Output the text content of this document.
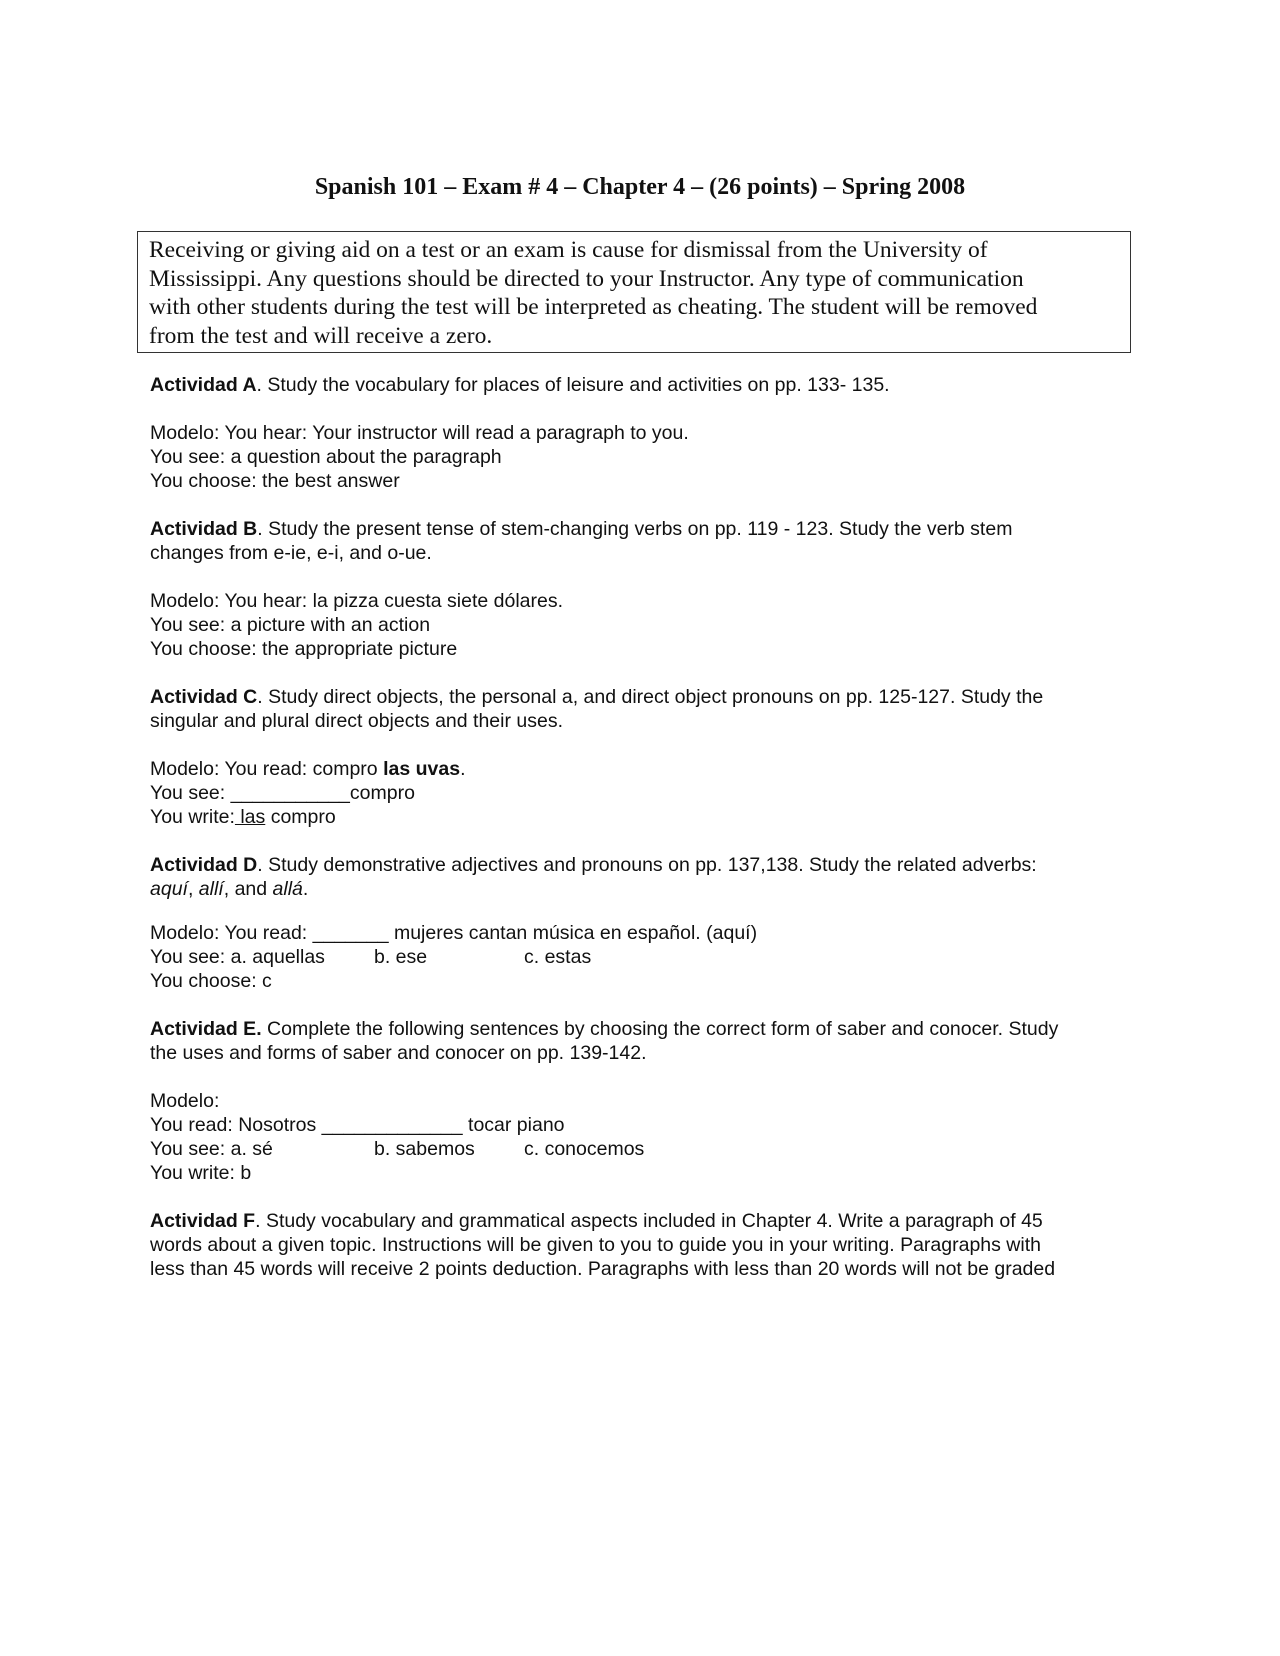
Spanish 101 – Exam # 4 – Chapter 4 – (26 points) – Spring 2008
Receiving or giving aid on a test or an exam is cause for dismissal from the University of
Mississippi. Any questions should be directed to your Instructor. Any type of communication
with other students during the test will be interpreted as cheating. The student will be removed
from the test and will receive a zero.
Actividad A. Study the vocabulary for places of leisure and activities on pp. 133- 135.
Modelo: You hear: Your instructor will read a paragraph to you.
You see: a question about the paragraph
You choose: the best answer
Actividad B. Study the present tense of stem-changing verbs on pp. 119 - 123. Study the verb stem
changes from e-ie, e-i, and o-ue.
Modelo: You hear: la pizza cuesta siete dólares.
You see: a picture with an action
You choose: the appropriate picture
Actividad C. Study direct objects, the personal a, and direct object pronouns on pp. 125-127. Study the
singular and plural direct objects and their uses.
Modelo: You read: compro las uvas.
You see: ___________compro
You write: las compro
Actividad D. Study demonstrative adjectives and pronouns on pp. 137,138. Study the related adverbs:
aquí, allí, and allá.
Modelo: You read: _______ mujeres cantan música en español. (aquí)
You see: a. aquellas	b. ese	c. estas
You choose: c
Actividad E. Complete the following sentences by choosing the correct form of saber and conocer. Study
the uses and forms of saber and conocer on pp. 139-142.
Modelo:
You read: Nosotros _____________ tocar piano
You see: a. sé	b. sabemos	c. conocemos
You write: b
Actividad F. Study vocabulary and grammatical aspects included in Chapter 4. Write a paragraph of 45
words about a given topic. Instructions will be given to you to guide you in your writing. Paragraphs with
less than 45 words will receive 2 points deduction. Paragraphs with less than 20 words will not be graded
